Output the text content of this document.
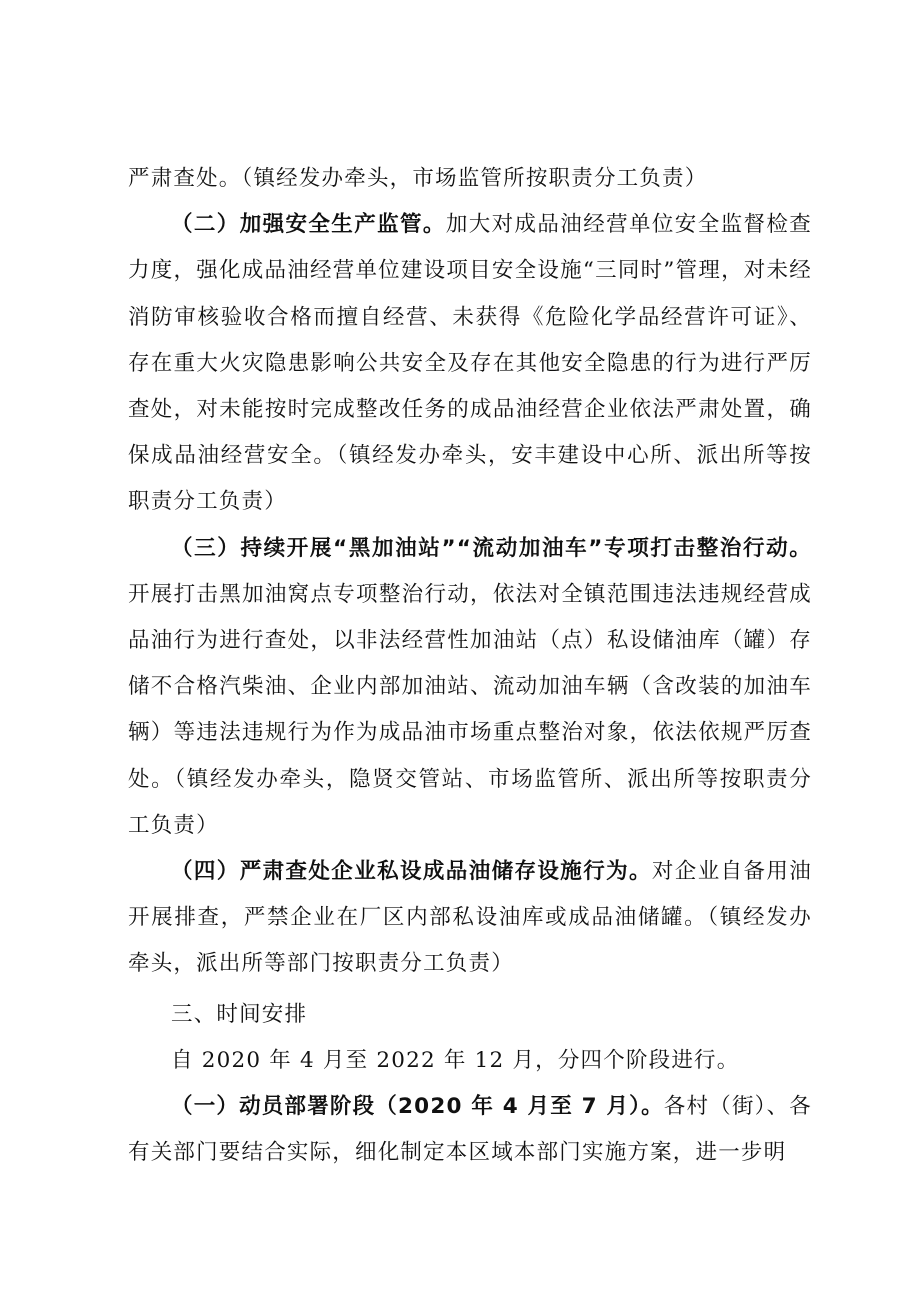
严肃查处。（镇经发办牵头，市场监管所按职责分工负责）

（二）加强安全生产监管。加大对成品油经营单位安全监督检查力度，强化成品油经营单位建设项目安全设施“三同时”管理，对未经消防审核验收合格而擅自经营、未获得《危险化学品经营许可证》、存在重大火灾隐患影响公共安全及存在其他安全隐患的行为进行严厉查处，对未能按时完成整改任务的成品油经营企业依法严肃处置，确保成品油经营安全。（镇经发办牵头，安丰建设中心所、派出所等按职责分工负责）

（三）持续开展“黑加油站”“流动加油车”专项打击整治行动。开展打击黑加油窝点专项整治行动，依法对全镇范围违法违规经营成品油行为进行查处，以非法经营性加油站（点）私设储油库（罐）存储不合格汽柴油、企业内部加油站、流动加油车辆（含改装的加油车辆）等违法违规行为作为成品油市场重点整治对象，依法依规严厉查处。（镇经发办牵头，隐贤交管站、市场监管所、派出所等按职责分工负责）

（四）严肃查处企业私设成品油储存设施行为。对企业自备用油开展排查，严禁企业在厂区内部私设油库或成品油储罐。（镇经发办牵头，派出所等部门按职责分工负责）

三、时间安排

自 2020 年 4 月至 2022 年 12 月，分四个阶段进行。

（一）动员部署阶段（2020 年 4 月至 7 月）。各村（街）、各有关部门要结合实际，细化制定本区域本部门实施方案，进一步明
